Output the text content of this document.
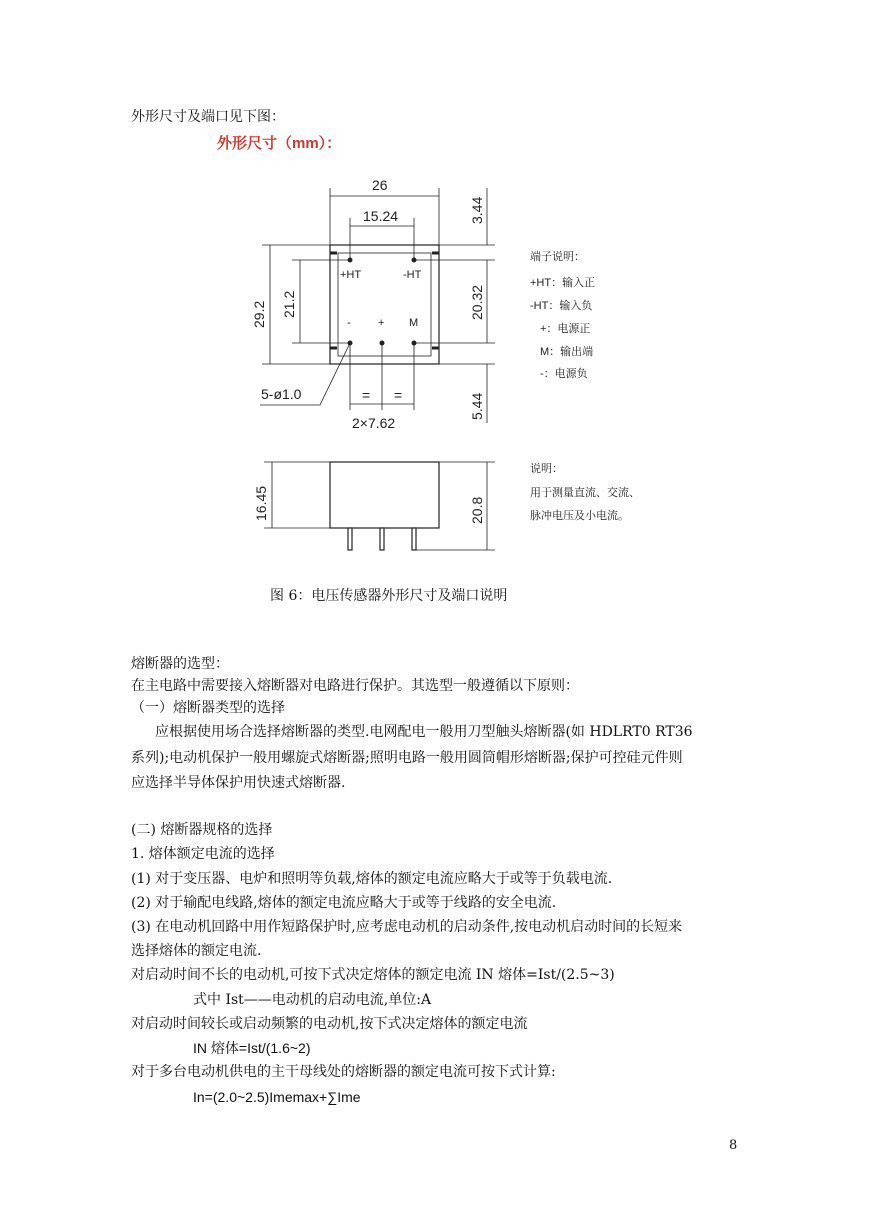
外形尺寸及端口见下图：
外形尺寸（mm）：
+HT	-HT
- + M
26
15.24
5-ø1.0	= =
2×7.62
29.2 21.2
3.44
20.32
5.44
16.45	20.8
端子说明：
+HT：输入正
-HT：输入负
+：电源正
M：输出端
-：电源负
说明：
用于测量直流、交流、
脉冲电压及小电流。
图 6：电压传感器外形尺寸及端口说明
熔断器的选型：
在主电路中需要接入熔断器对电路进行保护。其选型一般遵循以下原则：
（一）熔断器类型的选择
应根据使用场合选择熔断器的类型.电网配电一般用刀型触头熔断器(如 HDLRT0 RT36
系列);电动机保护一般用螺旋式熔断器;照明电路一般用圆筒帽形熔断器;保护可控硅元件则
应选择半导体保护用快速式熔断器.
(二) 熔断器规格的选择
1. 熔体额定电流的选择
(1) 对于变压器、电炉和照明等负载,熔体的额定电流应略大于或等于负载电流.
(2) 对于输配电线路,熔体的额定电流应略大于或等于线路的安全电流.
(3) 在电动机回路中用作短路保护时,应考虑电动机的启动条件,按电动机启动时间的长短来
选择熔体的额定电流.
对启动时间不长的电动机,可按下式决定熔体的额定电流 IN 熔体=Ist/(2.5~3)
式中 Ist——电动机的启动电流,单位:A
对启动时间较长或启动频繁的电动机,按下式决定熔体的额定电流
IN 熔体=Ist/(1.6~2)
对于多台电动机供电的主干母线处的熔断器的额定电流可按下式计算:
In=(2.0~2.5)Imemax+∑Ime
8
